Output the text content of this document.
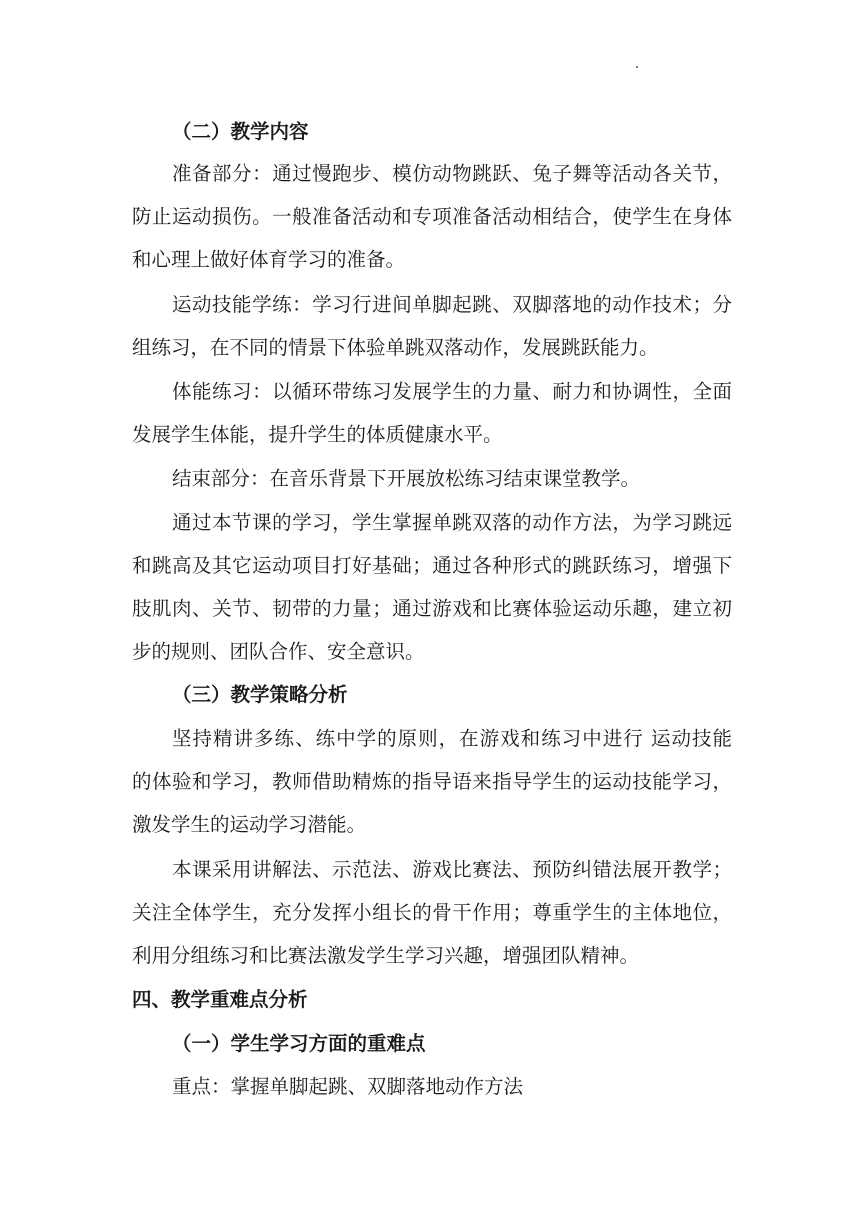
（二）教学内容
准备部分：通过慢跑步、模仿动物跳跃、兔子舞等活动各关节，
防止运动损伤。一般准备活动和专项准备活动相结合，使学生在身体
和心理上做好体育学习的准备。
运动技能学练：学习行进间单脚起跳、双脚落地的动作技术；分
组练习，在不同的情景下体验单跳双落动作，发展跳跃能力。
体能练习：以循环带练习发展学生的力量、耐力和协调性，全面
发展学生体能，提升学生的体质健康水平。
结束部分：在音乐背景下开展放松练习结束课堂教学。
通过本节课的学习，学生掌握单跳双落的动作方法，为学习跳远
和跳高及其它运动项目打好基础；通过各种形式的跳跃练习，增强下
肢肌肉、关节、韧带的力量；通过游戏和比赛体验运动乐趣，建立初
步的规则、团队合作、安全意识。
（三）教学策略分析
坚持精讲多练、练中学的原则，在游戏和练习中进行 运动技能
的体验和学习，教师借助精炼的指导语来指导学生的运动技能学习，
激发学生的运动学习潜能。
本课采用讲解法、示范法、游戏比赛法、预防纠错法展开教学；
关注全体学生，充分发挥小组长的骨干作用；尊重学生的主体地位，
利用分组练习和比赛法激发学生学习兴趣，增强团队精神。
四、教学重难点分析
（一）学生学习方面的重难点
重点：掌握单脚起跳、双脚落地动作方法
